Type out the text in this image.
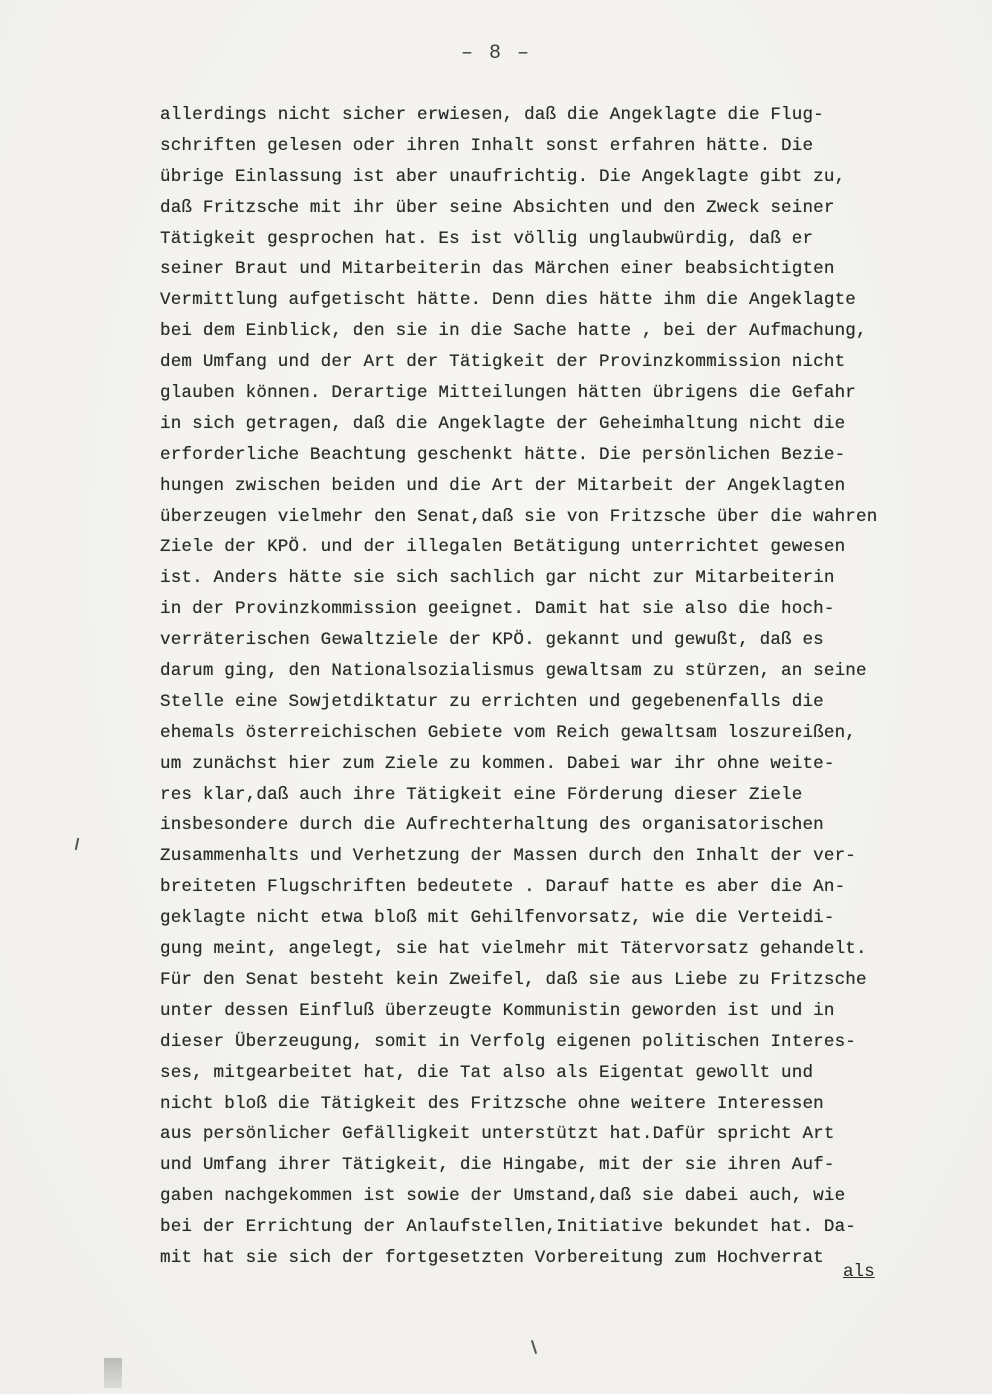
– 8 –
allerdings nicht sicher erwiesen, daß die Angeklagte die Flug-
schriften gelesen oder ihren Inhalt sonst erfahren hätte. Die
übrige Einlassung ist aber unaufrichtig. Die Angeklagte gibt zu,
daß Fritzsche mit ihr über seine Absichten und den Zweck seiner
Tätigkeit gesprochen hat. Es ist völlig unglaubwürdig, daß er
seiner Braut und Mitarbeiterin das Märchen einer beabsichtigten
Vermittlung aufgetischt hätte. Denn dies hätte ihm die Angeklagte
bei dem Einblick, den sie in die Sache hatte , bei der Aufmachung,
dem Umfang und der Art der Tätigkeit der Provinzkommission nicht
glauben können. Derartige Mitteilungen hätten übrigens die Gefahr
in sich getragen, daß die Angeklagte der Geheimhaltung nicht die
erforderliche Beachtung geschenkt hätte. Die persönlichen Bezie-
hungen zwischen beiden und die Art der Mitarbeit der Angeklagten
überzeugen vielmehr den Senat,daß sie von Fritzsche über die wahren
Ziele der KPÖ. und der illegalen Betätigung unterrichtet gewesen
ist. Anders hätte sie sich sachlich gar nicht zur Mitarbeiterin
in der Provinzkommission geeignet. Damit hat sie also die hoch-
verräterischen Gewaltziele der KPÖ. gekannt und gewußt, daß es
darum ging, den Nationalsozialismus gewaltsam zu stürzen, an seine
Stelle eine Sowjetdiktatur zu errichten und gegebenenfalls die
ehemals österreichischen Gebiete vom Reich gewaltsam loszureißen,
um zunächst hier zum Ziele zu kommen. Dabei war ihr ohne weite-
res klar,daß auch ihre Tätigkeit eine Förderung dieser Ziele
insbesondere durch die Aufrechterhaltung des organisatorischen
Zusammenhalts und Verhetzung der Massen durch den Inhalt der ver-
breiteten Flugschriften bedeutete . Darauf hatte es aber die An-
geklagte nicht etwa bloß mit Gehilfenvorsatz, wie die Verteidi-
gung meint, angelegt, sie hat vielmehr mit Tätervorsatz gehandelt.
Für den Senat besteht kein Zweifel, daß sie aus Liebe zu Fritzsche
unter dessen Einfluß überzeugte Kommunistin geworden ist und in
dieser Überzeugung, somit in Verfolg eigenen politischen Interes-
ses, mitgearbeitet hat, die Tat also als Eigentat gewollt und
nicht bloß die Tätigkeit des Fritzsche ohne weitere Interessen
aus persönlicher Gefälligkeit unterstützt hat.Dafür spricht Art
und Umfang ihrer Tätigkeit, die Hingabe, mit der sie ihren Auf-
gaben nachgekommen ist sowie der Umstand,daß sie dabei auch, wie
bei der Errichtung der Anlaufstellen,Initiative bekundet hat. Da-
mit hat sie sich der fortgesetzten Vorbereitung zum Hochverrat
als
